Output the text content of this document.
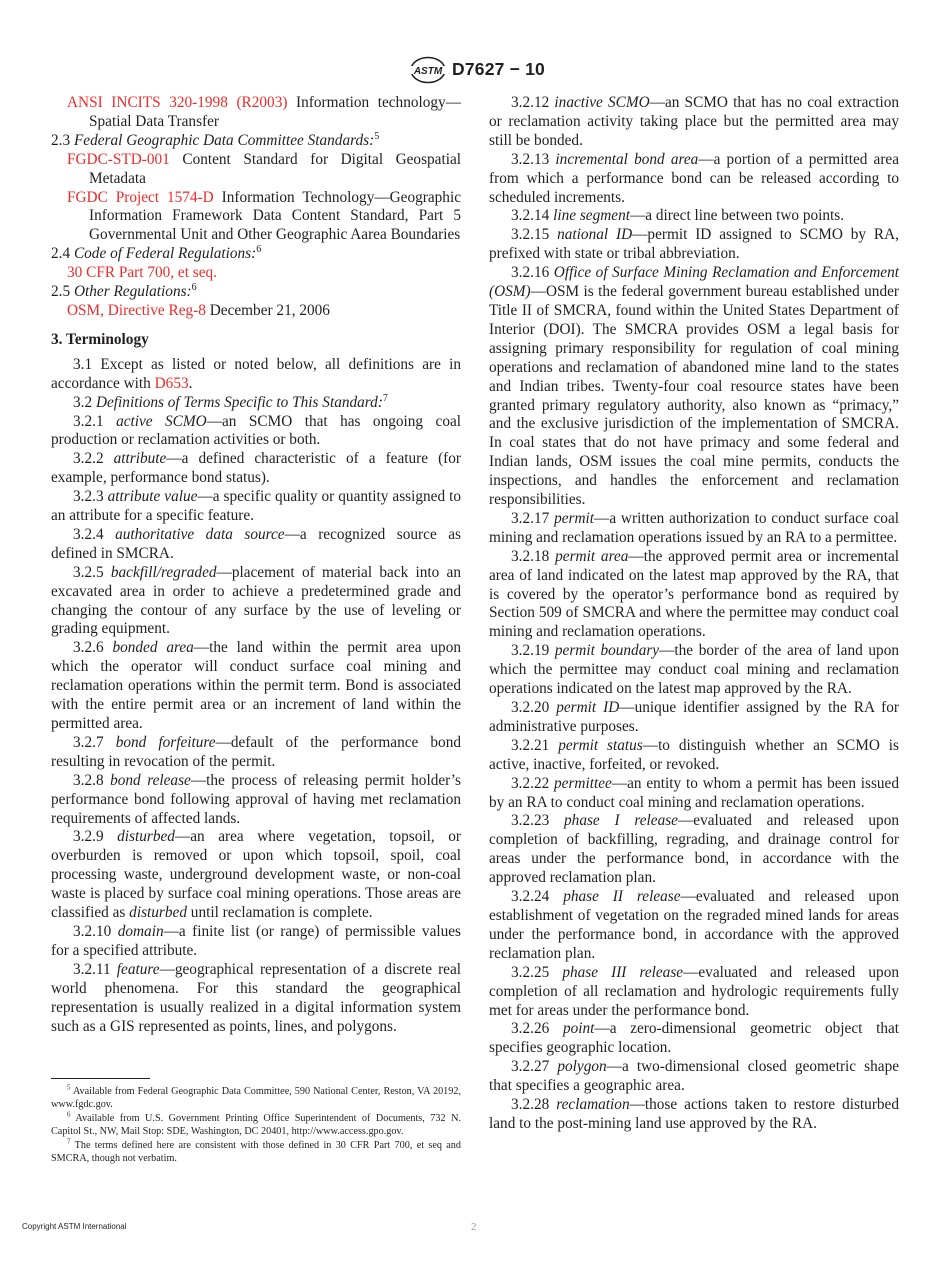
ASTM D7627 − 10

ANSI INCITS 320-1998 (R2003) Information technology—Spatial Data Transfer

2.3 Federal Geographic Data Committee Standards:$^5$

FGDC-STD-001 Content Standard for Digital Geospatial Metadata

FGDC Project 1574-D Information Technology—Geographic Information Framework Data Content Standard, Part 5 Governmental Unit and Other Geographic Aarea Boundaries

2.4 Code of Federal Regulations:$^6$

30 CFR Part 700, et seq.

2.5 Other Regulations:$^6$

OSM, Directive Reg-8 December 21, 2006

3. Terminology

3.1 Except as listed or noted below, all definitions are in accordance with D653.

3.2 Definitions of Terms Specific to This Standard:$^7$

3.2.1 active SCMO—an SCMO that has ongoing coal production or reclamation activities or both.

3.2.2 attribute—a defined characteristic of a feature (for example, performance bond status).

3.2.3 attribute value—a specific quality or quantity assigned to an attribute for a specific feature.

3.2.4 authoritative data source—a recognized source as defined in SMCRA.

3.2.5 backfill/regraded—placement of material back into an excavated area in order to achieve a predetermined grade and changing the contour of any surface by the use of leveling or grading equipment.

3.2.6 bonded area—the land within the permit area upon which the operator will conduct surface coal mining and reclamation operations within the permit term. Bond is associated with the entire permit area or an increment of land within the permitted area.

3.2.7 bond forfeiture—default of the performance bond resulting in revocation of the permit.

3.2.8 bond release—the process of releasing permit holder’s performance bond following approval of having met reclamation requirements of affected lands.

3.2.9 disturbed—an area where vegetation, topsoil, or overburden is removed or upon which topsoil, spoil, coal processing waste, underground development waste, or non-coal waste is placed by surface coal mining operations. Those areas are classified as disturbed until reclamation is complete.

3.2.10 domain—a finite list (or range) of permissible values for a specified attribute.

3.2.11 feature—geographical representation of a discrete real world phenomena. For this standard the geographical representation is usually realized in a digital information system such as a GIS represented as points, lines, and polygons.

3.2.12 inactive SCMO—an SCMO that has no coal extraction or reclamation activity taking place but the permitted area may still be bonded.

3.2.13 incremental bond area—a portion of a permitted area from which a performance bond can be released according to scheduled increments.

3.2.14 line segment—a direct line between two points.

3.2.15 national ID—permit ID assigned to SCMO by RA, prefixed with state or tribal abbreviation.

3.2.16 Office of Surface Mining Reclamation and Enforcement (OSM)—OSM is the federal government bureau established under Title II of SMCRA, found within the United States Department of Interior (DOI). The SMCRA provides OSM a legal basis for assigning primary responsibility for regulation of coal mining operations and reclamation of abandoned mine land to the states and Indian tribes. Twenty-four coal resource states have been granted primary regulatory authority, also known as “primacy,” and the exclusive jurisdiction of the implementation of SMCRA. In coal states that do not have primacy and some federal and Indian lands, OSM issues the coal mine permits, conducts the inspections, and handles the enforcement and reclamation responsibilities.

3.2.17 permit—a written authorization to conduct surface coal mining and reclamation operations issued by an RA to a permittee.

3.2.18 permit area—the approved permit area or incremental area of land indicated on the latest map approved by the RA, that is covered by the operator’s performance bond as required by Section 509 of SMCRA and where the permittee may conduct coal mining and reclamation operations.

3.2.19 permit boundary—the border of the area of land upon which the permittee may conduct coal mining and reclamation operations indicated on the latest map approved by the RA.

3.2.20 permit ID—unique identifier assigned by the RA for administrative purposes.

3.2.21 permit status—to distinguish whether an SCMO is active, inactive, forfeited, or revoked.

3.2.22 permittee—an entity to whom a permit has been issued by an RA to conduct coal mining and reclamation operations.

3.2.23 phase I release—evaluated and released upon completion of backfilling, regrading, and drainage control for areas under the performance bond, in accordance with the approved reclamation plan.

3.2.24 phase II release—evaluated and released upon establishment of vegetation on the regraded mined lands for areas under the performance bond, in accordance with the approved reclamation plan.

3.2.25 phase III release—evaluated and released upon completion of all reclamation and hydrologic requirements fully met for areas under the performance bond.

3.2.26 point—a zero-dimensional geometric object that specifies geographic location.

3.2.27 polygon—a two-dimensional closed geometric shape that specifies a geographic area.

3.2.28 reclamation—those actions taken to restore disturbed land to the post-mining land use approved by the RA.

$^5$ Available from Federal Geographic Data Committee, 590 National Center, Reston, VA 20192, www.fgdc.gov.

$^6$ Available from U.S. Government Printing Office Superintendent of Documents, 732 N. Capitol St., NW, Mail Stop: SDE, Washington, DC 20401, http://www.access.gpo.gov.

$^7$ The terms defined here are consistent with those defined in 30 CFR Part 700, et seq and SMCRA, though not verbatim.

Copyright ASTM International	2
